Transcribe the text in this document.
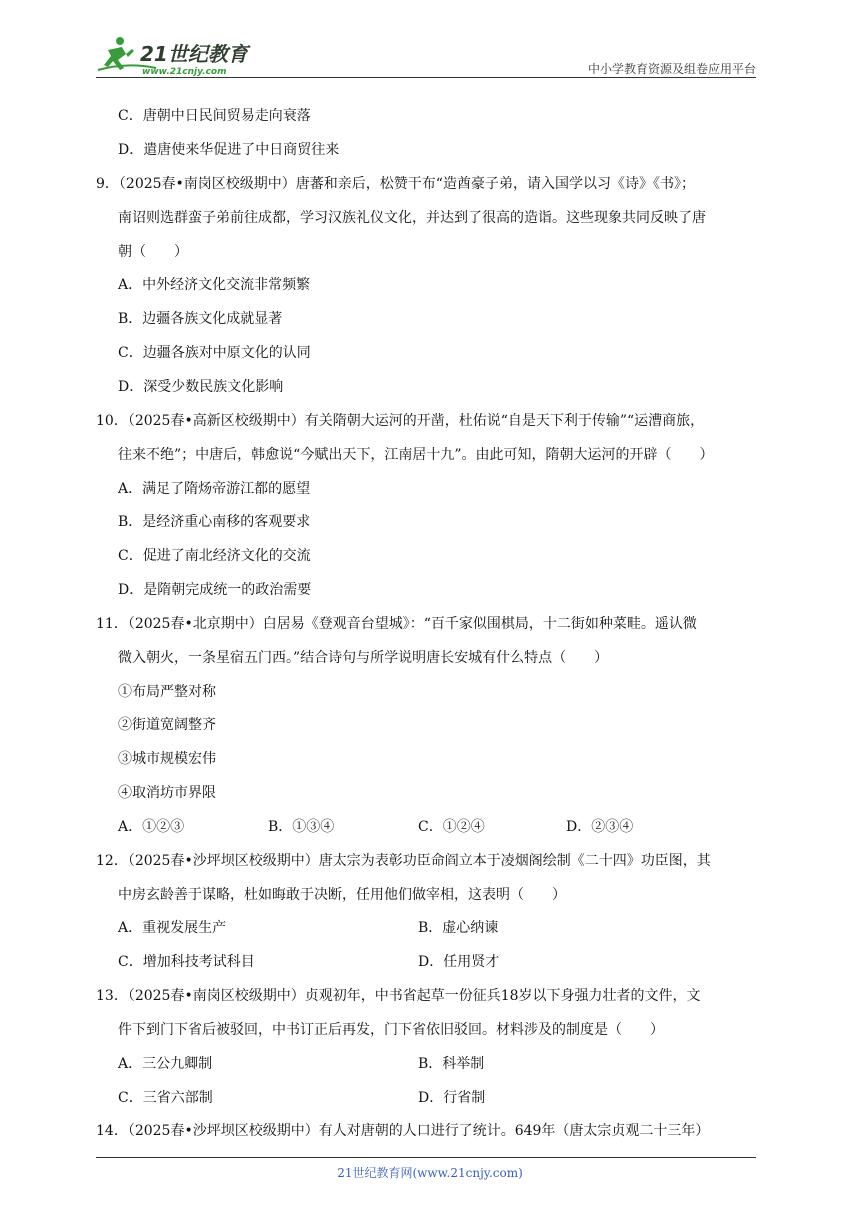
21世纪教育
www.21cnjy.com	中小学教育资源及组卷应用平台
C．唐朝中日民间贸易走向衰落
D．遣唐使来华促进了中日商贸往来
9．（2025春•南岗区校级期中）唐蕃和亲后，松赞干布“造酋豪子弟，请入国学以习《诗》《书》；
南诏则选群蛮子弟前往成都，学习汉族礼仪文化，并达到了很高的造诣。这些现象共同反映了唐
朝（　　）
A．中外经济文化交流非常频繁
B．边疆各族文化成就显著
C．边疆各族对中原文化的认同
D．深受少数民族文化影响
10．（2025春•高新区校级期中）有关隋朝大运河的开凿，杜佑说“自是天下利于传输”“运漕商旅，
往来不绝”；中唐后，韩愈说“今赋出天下，江南居十九”。由此可知，隋朝大运河的开辟（　　）
A．满足了隋炀帝游江都的愿望
B．是经济重心南移的客观要求
C．促进了南北经济文化的交流
D．是隋朝完成统一的政治需要
11．（2025春•北京期中）白居易《登观音台望城》：“百千家似围棋局，十二街如种菜畦。遥认微
微入朝火，一条星宿五门西。”结合诗句与所学说明唐长安城有什么特点（　　）
①布局严整对称
②街道宽阔整齐
③城市规模宏伟
④取消坊市界限
A．①②③	B．①③④	C．①②④	D．②③④
12．（2025春•沙坪坝区校级期中）唐太宗为表彰功臣命阎立本于凌烟阁绘制《二十四》功臣图，其
中房玄龄善于谋略，杜如晦敢于决断，任用他们做宰相，这表明（　　）
A．重视发展生产	B．虚心纳谏
C．增加科技考试科目	D．任用贤才
13．（2025春•南岗区校级期中）贞观初年，中书省起草一份征兵18岁以下身强力壮者的文件，文
件下到门下省后被驳回，中书订正后再发，门下省依旧驳回。材料涉及的制度是（　　）
A．三公九卿制	B．科举制
C．三省六部制	D．行省制
14．（2025春•沙坪坝区校级期中）有人对唐朝的人口进行了统计。649年（唐太宗贞观二十三年）
21世纪教育网(www.21cnjy.com)
